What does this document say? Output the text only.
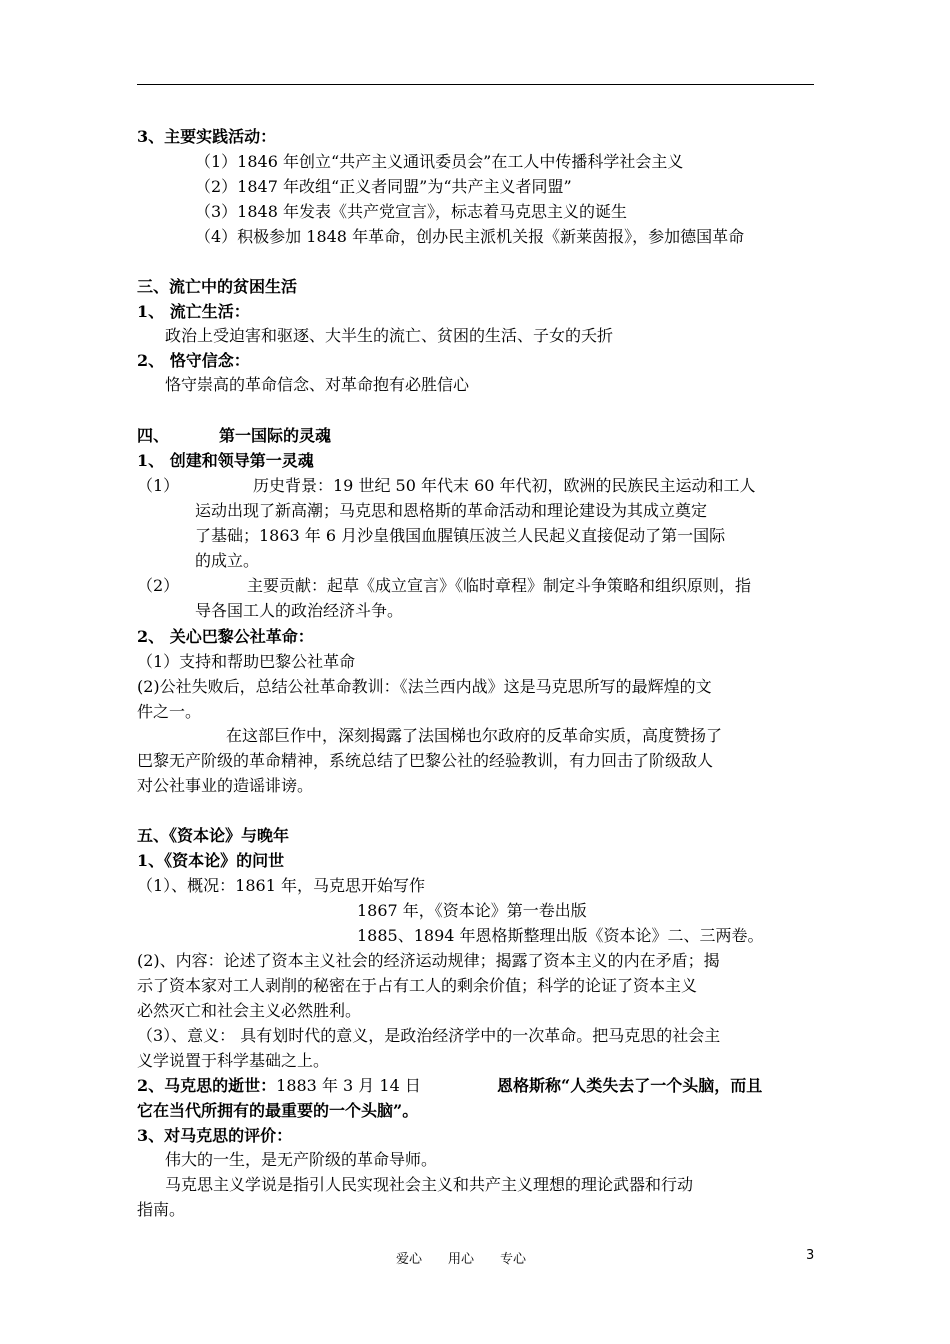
3、主要实践活动：
（1）1846 年创立“共产主义通讯委员会”在工人中传播科学社会主义
（2）1847 年改组“正义者同盟”为“共产主义者同盟”
（3）1848 年发表《共产党宣言》，标志着马克思主义的诞生
（4）积极参加 1848 年革命，创办民主派机关报《新莱茵报》，参加德国革命
三、流亡中的贫困生活
1、 流亡生活：
政治上受迫害和驱逐、大半生的流亡、贫困的生活、子女的夭折
2、 恪守信念：
恪守崇高的革命信念、对革命抱有必胜信心
四、	第一国际的灵魂
1、 创建和领导第一灵魂
（1）	历史背景：19 世纪 50 年代末 60 年代初，欧洲的民族民主运动和工人
运动出现了新高潮；马克思和恩格斯的革命活动和理论建设为其成立奠定
了基础；1863 年 6 月沙皇俄国血腥镇压波兰人民起义直接促动了第一国际
的成立。
（2）	主要贡献：起草《成立宣言》《临时章程》制定斗争策略和组织原则，指
导各国工人的政治经济斗争。
2、 关心巴黎公社革命：
（1）支持和帮助巴黎公社革命
(2)公社失败后，总结公社革命教训：《法兰西内战》这是马克思所写的最辉煌的文
件之一。
在这部巨作中，深刻揭露了法国梯也尔政府的反革命实质，高度赞扬了
巴黎无产阶级的革命精神，系统总结了巴黎公社的经验教训，有力回击了阶级敌人
对公社事业的造谣诽谤。
五、《资本论》与晚年
1、《资本论》的问世
（1）、概况：1861 年，马克思开始写作
1867 年，《资本论》第一卷出版
1885、1894 年恩格斯整理出版《资本论》二、三两卷。
(2)、内容：论述了资本主义社会的经济运动规律；揭露了资本主义的内在矛盾；揭
示了资本家对工人剥削的秘密在于占有工人的剩余价值；科学的论证了资本主义
必然灭亡和社会主义必然胜利。
（3）、意义： 具有划时代的意义，是政治经济学中的一次革命。把马克思的社会主
义学说置于科学基础之上。
2、马克思的逝世：1883 年 3 月 14 日	恩格斯称“人类失去了一个头脑，而且
它在当代所拥有的最重要的一个头脑”。
3、对马克思的评价：
伟大的一生，是无产阶级的革命导师。
马克思主义学说是指引人民实现社会主义和共产主义理想的理论武器和行动
指南。
爱心　　用心　　专心	3
